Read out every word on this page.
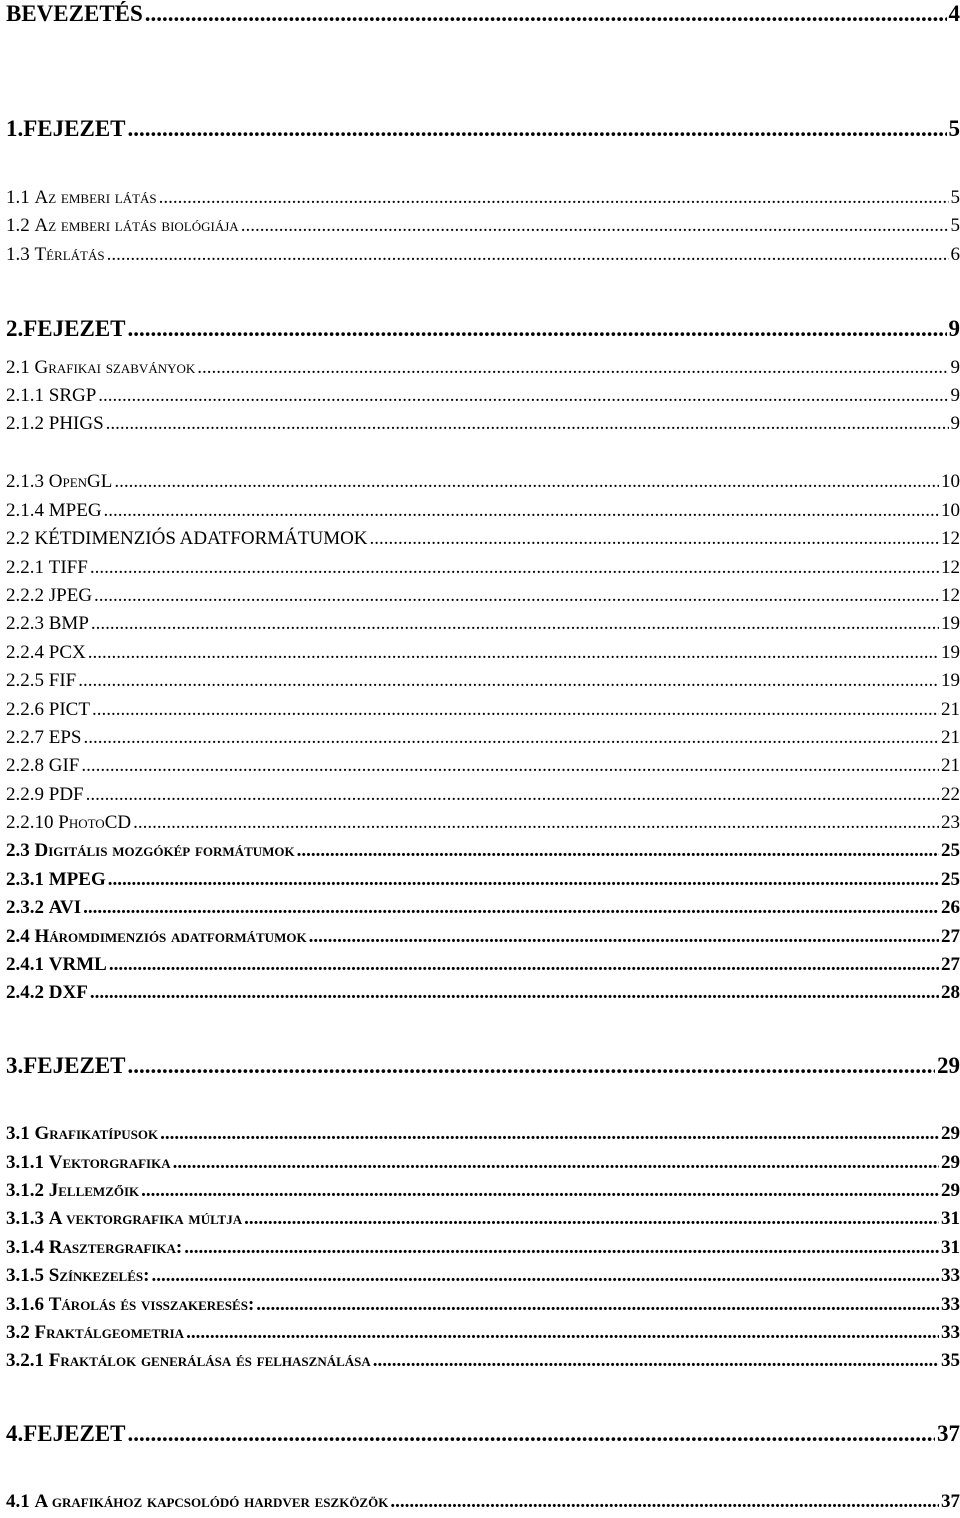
BEVEZETÉS .....	4
1.FEJEZET .....	5
1.1 Az emberi látás .....	5
1.2 Az emberi látás biológiája .....	5
1.3 Térlátás .....	6
2.FEJEZET .....	9
2.1 Grafikai szabványok .....	9
2.1.1 SRGP .....	9
2.1.2 PHIGS .....	9
2.1.3 OpenGL .....	10
2.1.4 MPEG .....	10
2.2 KÉTDIMENZIÓS ADATFORMÁTUMOK .....	12
2.2.1 TIFF .....	12
2.2.2 JPEG .....	12
2.2.3 BMP .....	19
2.2.4 PCX .....	19
2.2.5 FIF .....	19
2.2.6 PICT .....	21
2.2.7 EPS .....	21
2.2.8 GIF .....	21
2.2.9 PDF .....	22
2.2.10 PhotoCD .....	23
2.3 Digitális mozgókép formátumok .....	25
2.3.1 MPEG .....	25
2.3.2 AVI .....	26
2.4 Háromdimenziós adatformátumok .....	27
2.4.1 VRML .....	27
2.4.2 DXF .....	28
3.FEJEZET .....	29
3.1 Grafikatípusok .....	29
3.1.1 Vektorgrafika .....	29
3.1.2 Jellemzőik .....	29
3.1.3 A vektorgrafika múltja .....	31
3.1.4 Rasztergrafika: .....	31
3.1.5 Színkezelés: .....	33
3.1.6 Tárolás és visszakeresés: .....	33
3.2 Fraktálgeometria .....	33
3.2.1 Fraktálok generálása és felhasználása .....	35
4.FEJEZET .....	37
4.1 A grafikához kapcsolódó hardver eszközök .....	37
